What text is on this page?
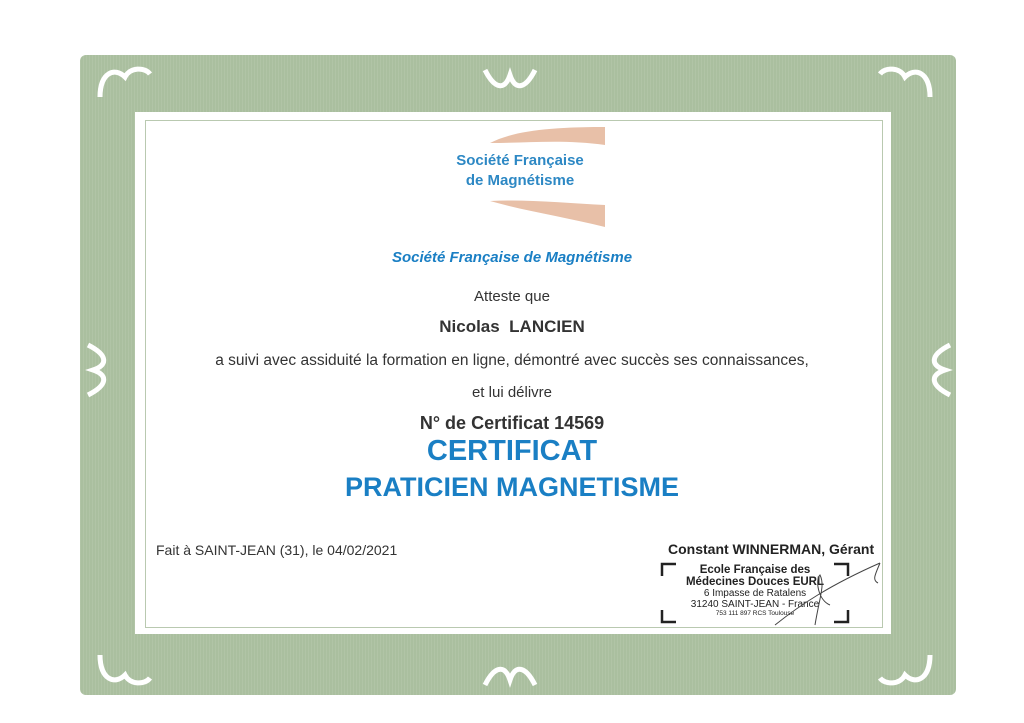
Société Française
de Magnétisme
Société Française de Magnétisme
Atteste que
Nicolas  LANCIEN
a suivi avec assiduité la formation en ligne, démontré avec succès ses connaissances,
et lui délivre
N° de Certificat 14569
CERTIFICAT
PRATICIEN MAGNETISME
Fait à SAINT-JEAN (31), le 04/02/2021	Constant WINNERMAN, Gérant
Ecole Française des
Médecines Douces EURL
6 Impasse de Ratalens
31240 SAINT-JEAN - France
753 111 897 RCS Toulouse
